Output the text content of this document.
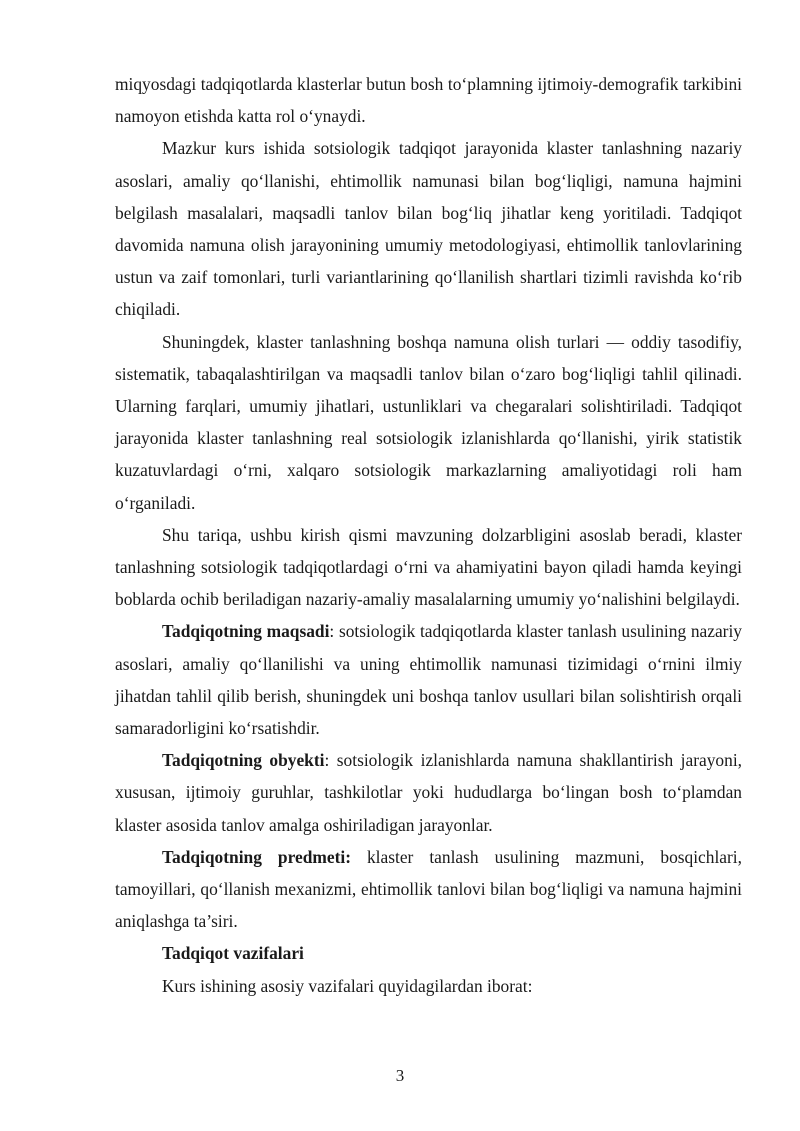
miqyosdagi tadqiqotlarda klasterlar butun bosh to‘plamning ijtimoiy-demografik tarkibini namoyon etishda katta rol o‘ynaydi.

Mazkur kurs ishida sotsiologik tadqiqot jarayonida klaster tanlashning nazariy asoslari, amaliy qo‘llanishi, ehtimollik namunasi bilan bog‘liqligi, namuna hajmini belgilash masalalari, maqsadli tanlov bilan bog‘liq jihatlar keng yoritiladi. Tadqiqot davomida namuna olish jarayonining umumiy metodologiyasi, ehtimollik tanlovlarining ustun va zaif tomonlari, turli variantlarining qo‘llanilish shartlari tizimli ravishda ko‘rib chiqiladi.

Shuningdek, klaster tanlashning boshqa namuna olish turlari — oddiy tasodifiy, sistematik, tabaqalashtirilgan va maqsadli tanlov bilan o‘zaro bog‘liqligi tahlil qilinadi. Ularning farqlari, umumiy jihatlari, ustunliklari va chegaralari solishtiriladi. Tadqiqot jarayonida klaster tanlashning real sotsiologik izlanishlarda qo‘llanishi, yirik statistik kuzatuvlardagi o‘rni, xalqaro sotsiologik markazlarning amaliyotidagi roli ham o‘rganiladi.

Shu tariqa, ushbu kirish qismi mavzuning dolzarbligini asoslab beradi, klaster tanlashning sotsiologik tadqiqotlardagi o‘rni va ahamiyatini bayon qiladi hamda keyingi boblarda ochib beriladigan nazariy-amaliy masalalarning umumiy yo‘nalishini belgilaydi.

Tadqiqotning maqsadi: sotsiologik tadqiqotlarda klaster tanlash usulining nazariy asoslari, amaliy qo‘llanilishi va uning ehtimollik namunasi tizimidagi o‘rnini ilmiy jihatdan tahlil qilib berish, shuningdek uni boshqa tanlov usullari bilan solishtirish orqali samaradorligini ko‘rsatishdir.

Tadqiqotning obyekti: sotsiologik izlanishlarda namuna shakllantirish jarayoni, xususan, ijtimoiy guruhlar, tashkilotlar yoki hududlarga bo‘lingan bosh to‘plamdan klaster asosida tanlov amalga oshiriladigan jarayonlar.

Tadqiqotning predmeti: klaster tanlash usulining mazmuni, bosqichlari, tamoyillari, qo‘llanish mexanizmi, ehtimollik tanlovi bilan bog‘liqligi va namuna hajmini aniqlashga ta’siri.

Tadqiqot vazifalari

Kurs ishining asosiy vazifalari quyidagilardan iborat:

3
